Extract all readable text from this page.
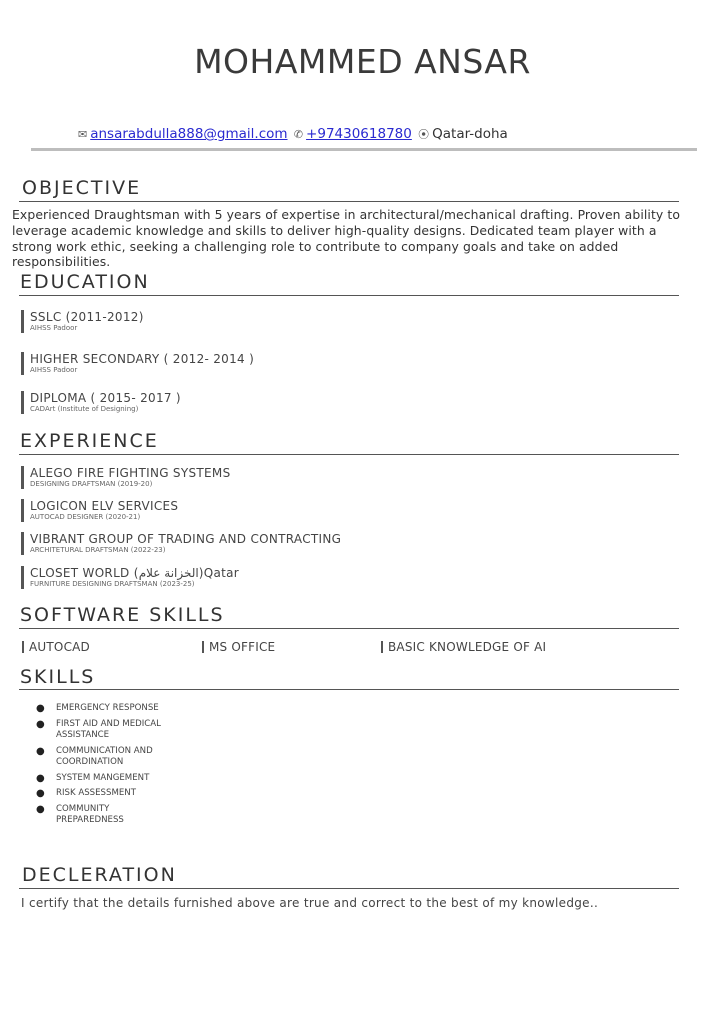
MOHAMMED ANSAR
✉ ansarabdulla888@gmail.com ✆ +97430618780 ⦿ Qatar-doha
OBJECTIVE
Experienced Draughtsman with 5 years of expertise in architectural/mechanical drafting. Proven ability to leverage academic knowledge and skills to deliver high-quality designs. Dedicated team player with a strong work ethic, seeking a challenging role to contribute to company goals and take on added responsibilities.
EDUCATION
SSLC (2011-2012)
AIHSS Padoor
HIGHER SECONDARY ( 2012- 2014 )
AIHSS Padoor
DIPLOMA ( 2015- 2017 )
CADArt (Institute of Designing)
EXPERIENCE
ALEGO FIRE FIGHTING SYSTEMS
DESIGNING DRAFTSMAN (2019-20)
LOGICON ELV SERVICES
AUTOCAD DESIGNER (2020-21)
VIBRANT GROUP OF TRADING AND CONTRACTING
ARCHITETURAL DRAFTSMAN (2022-23)
CLOSET WORLD (الخزانة علام)Qatar
FURNITURE DESIGNING DRAFTSMAN (2023-25)
SOFTWARE SKILLS
AUTOCAD	MS OFFICE	BASIC KNOWLEDGE OF AI
SKILLS
● EMERGENCY RESPONSE
● FIRST AID AND MEDICAL ASSISTANCE
● COMMUNICATION AND COORDINATION
● SYSTEM MANGEMENT
● RISK ASSESSMENT
● COMMUNITY PREPAREDNESS
DECLERATION
I certify that the details furnished above are true and correct to the best of my knowledge..
